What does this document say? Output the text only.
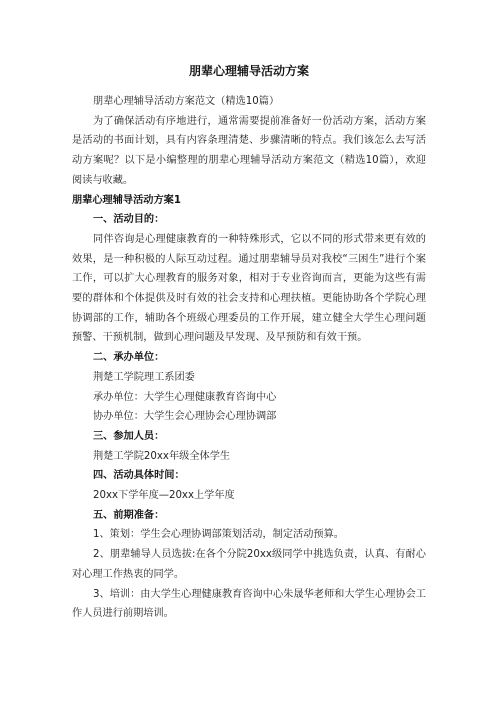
朋辈心理辅导活动方案

朋辈心理辅导活动方案范文（精选10篇）

为了确保活动有序地进行，通常需要提前准备好一份活动方案，活动方案是活动的书面计划，具有内容条理清楚、步骤清晰的特点。我们该怎么去写活动方案呢？以下是小编整理的朋辈心理辅导活动方案范文（精选10篇），欢迎阅读与收藏。

朋辈心理辅导活动方案1

一、活动目的：

同伴咨询是心理健康教育的一种特殊形式，它以不同的形式带来更有效的效果，是一种积极的人际互动过程。通过朋辈辅导员对我校“三困生”进行个案工作，可以扩大心理教育的服务对象，相对于专业咨询而言，更能为这些有需要的群体和个体提供及时有效的社会支持和心理扶植。更能协助各个学院心理协调部的工作，辅助各个班级心理委员的工作开展，建立健全大学生心理问题预警、干预机制，做到心理问题及早发现、及早预防和有效干预。

二、承办单位：

荆楚工学院理工系团委

承办单位：大学生心理健康教育咨询中心

协办单位：大学生会心理协会心理协调部

三、参加人员：

荆楚工学院20xx年级全体学生

四、活动具体时间：

20xx下学年度—20xx上学年度

五、前期准备：

1、策划：学生会心理协调部策划活动，制定活动预算。

2、朋辈辅导人员选拔:在各个分院20xx级同学中挑选负责，认真、有耐心对心理工作热衷的同学。

3、培训：由大学生心理健康教育咨询中心朱晟华老师和大学生心理协会工作人员进行前期培训。
